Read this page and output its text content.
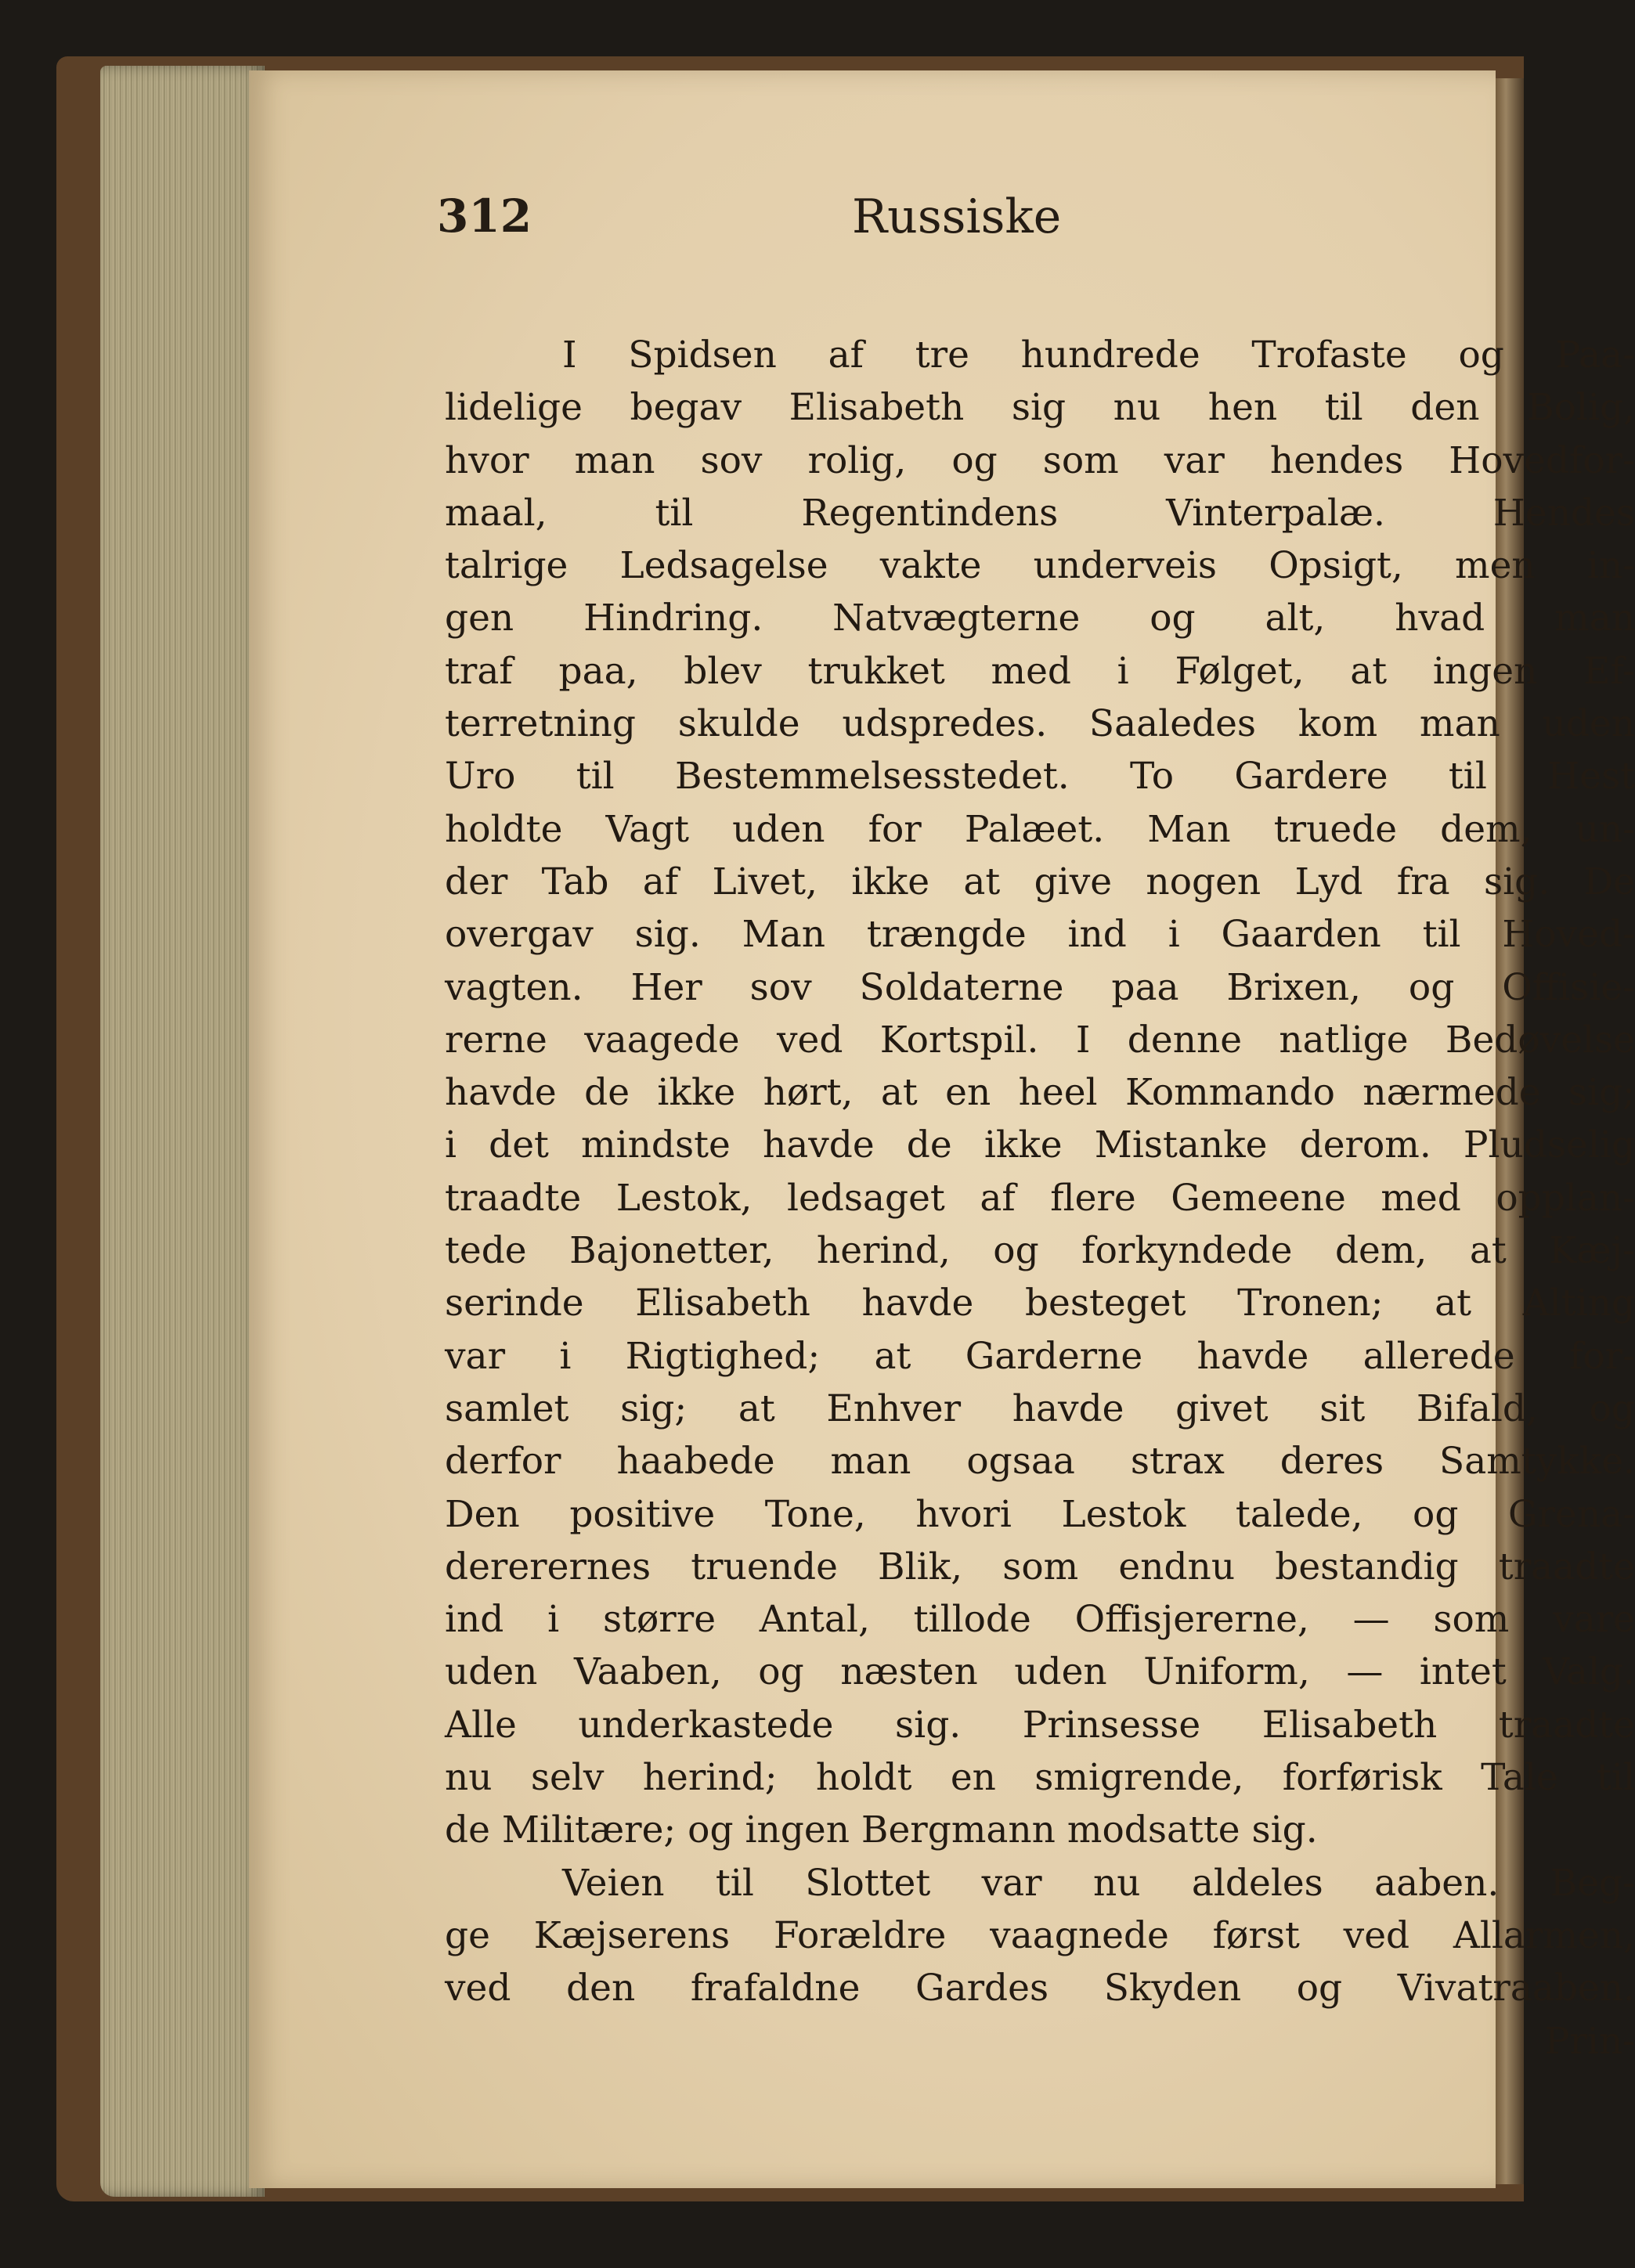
312	Russiske
I Spidsen af tre hundrede Trofaste og Paa-
lidelige begav Elisabeth sig nu hen til den Bolig,
hvor man sov rolig, og som var hendes Hovedfor-
maal, til Regentindens Vinterpalæ. Hendes
talrige Ledsagelse vakte underveis Opsigt, men in-
gen Hindring. Natvægterne og alt, hvad man
traf paa, blev trukket med i Følget, at ingen Ef-
terretning skulde udspredes. Saaledes kom man uden
Uro til Bestemmelsesstedet. To Gardere til Hest
holdte Vagt uden for Palæet. Man truede dem, un-
der Tab af Livet, ikke at give nogen Lyd fra sig. De
overgav sig. Man trængde ind i Gaarden til Hoved-
vagten. Her sov Soldaterne paa Brixen, og Offisie-
rerne vaagede ved Kortspil. I denne natlige Bedøvelse
havde de ikke hørt, at en heel Kommando nærmede sig;
i det mindste havde de ikke Mistanke derom. Pludselig
traadte Lestok, ledsaget af flere Gemeene med opplan-
tede Bajonetter, herind, og forkyndede dem, at Kæj-
serinde Elisabeth havde besteget Tronen; at Alting
var i Rigtighed; at Garderne havde allerede for-
samlet sig; at Enhver havde givet sit Bifald, og
derfor haabede man ogsaa strax deres Samtykke.
Den positive Tone, hvori Lestok talede, og Grena-
dererernes truende Blik, som endnu bestandig traadte
ind i større Antal, tillode Offisjererne, — som vare
uden Vaaben, og næsten uden Uniform, — intet Valg.
Alle underkastede sig. Prinsesse Elisabeth traadte
nu selv herind; holdt en smigrende, forførisk Tale til
de Militære; og ingen Bergmann modsatte sig.
Veien til Slottet var nu aldeles aaben. Beg-
ge Kæjserens Forældre vaagnede først ved Allarmen,
ved den frafaldne Gardes Skyden og Vivatraaben.
Prin-
